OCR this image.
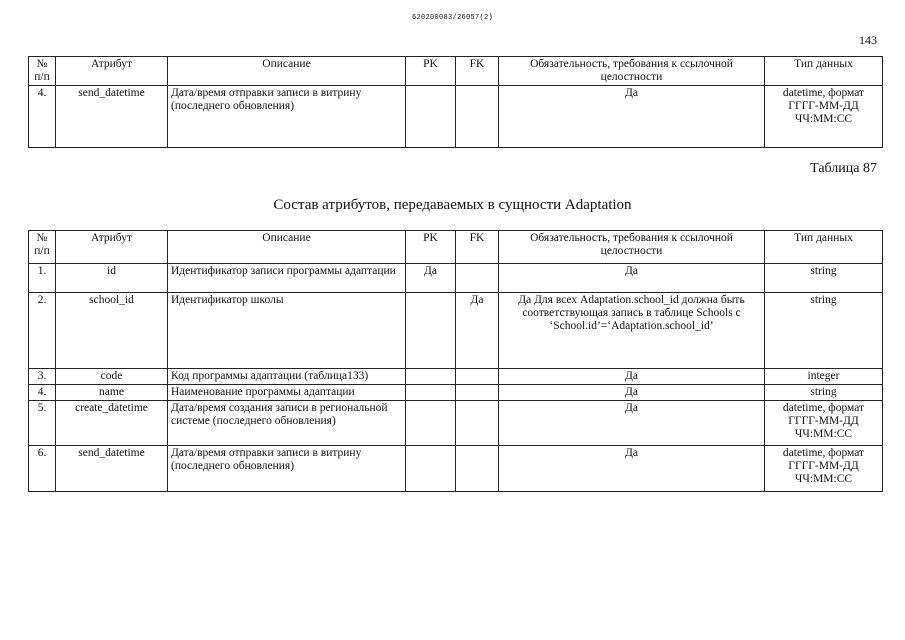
620200083/26057(2)
143
№ п/п	Атрибут	Описание	PK	FK	Обязательность, требования к ссылочной целостности	Тип данных
4.	send_datetime	Дата/время отправки записи в витрину (последнего обновления)			Да	datetime, формат ГГГГ-ММ-ДД ЧЧ:ММ:СС
Таблица 87
Состав атрибутов, передаваемых в сущности Adaptation
№ п/п	Атрибут	Описание	PK	FK	Обязательность, требования к ссылочной целостности	Тип данных
1.	id	Идентификатор записи программы адаптации	Да		Да	string
2.	school_id	Идентификатор школы		Да	Да Для всех Adaptation.school_id должна быть соответствующая запись в таблице Schools с ‘School.id’=‘Adaptation.school_id’	string
3.	code	Код программы адаптации (таблица133)			Да	integer
4.	name	Наименование программы адаптации			Да	string
5.	create_datetime	Дата/время создания записи в региональной системе (последнего обновления)			Да	datetime, формат ГГГГ-ММ-ДД ЧЧ:ММ:СС
6.	send_datetime	Дата/время отправки записи в витрину (последнего обновления)			Да	datetime, формат ГГГГ-ММ-ДД ЧЧ:ММ:СС
